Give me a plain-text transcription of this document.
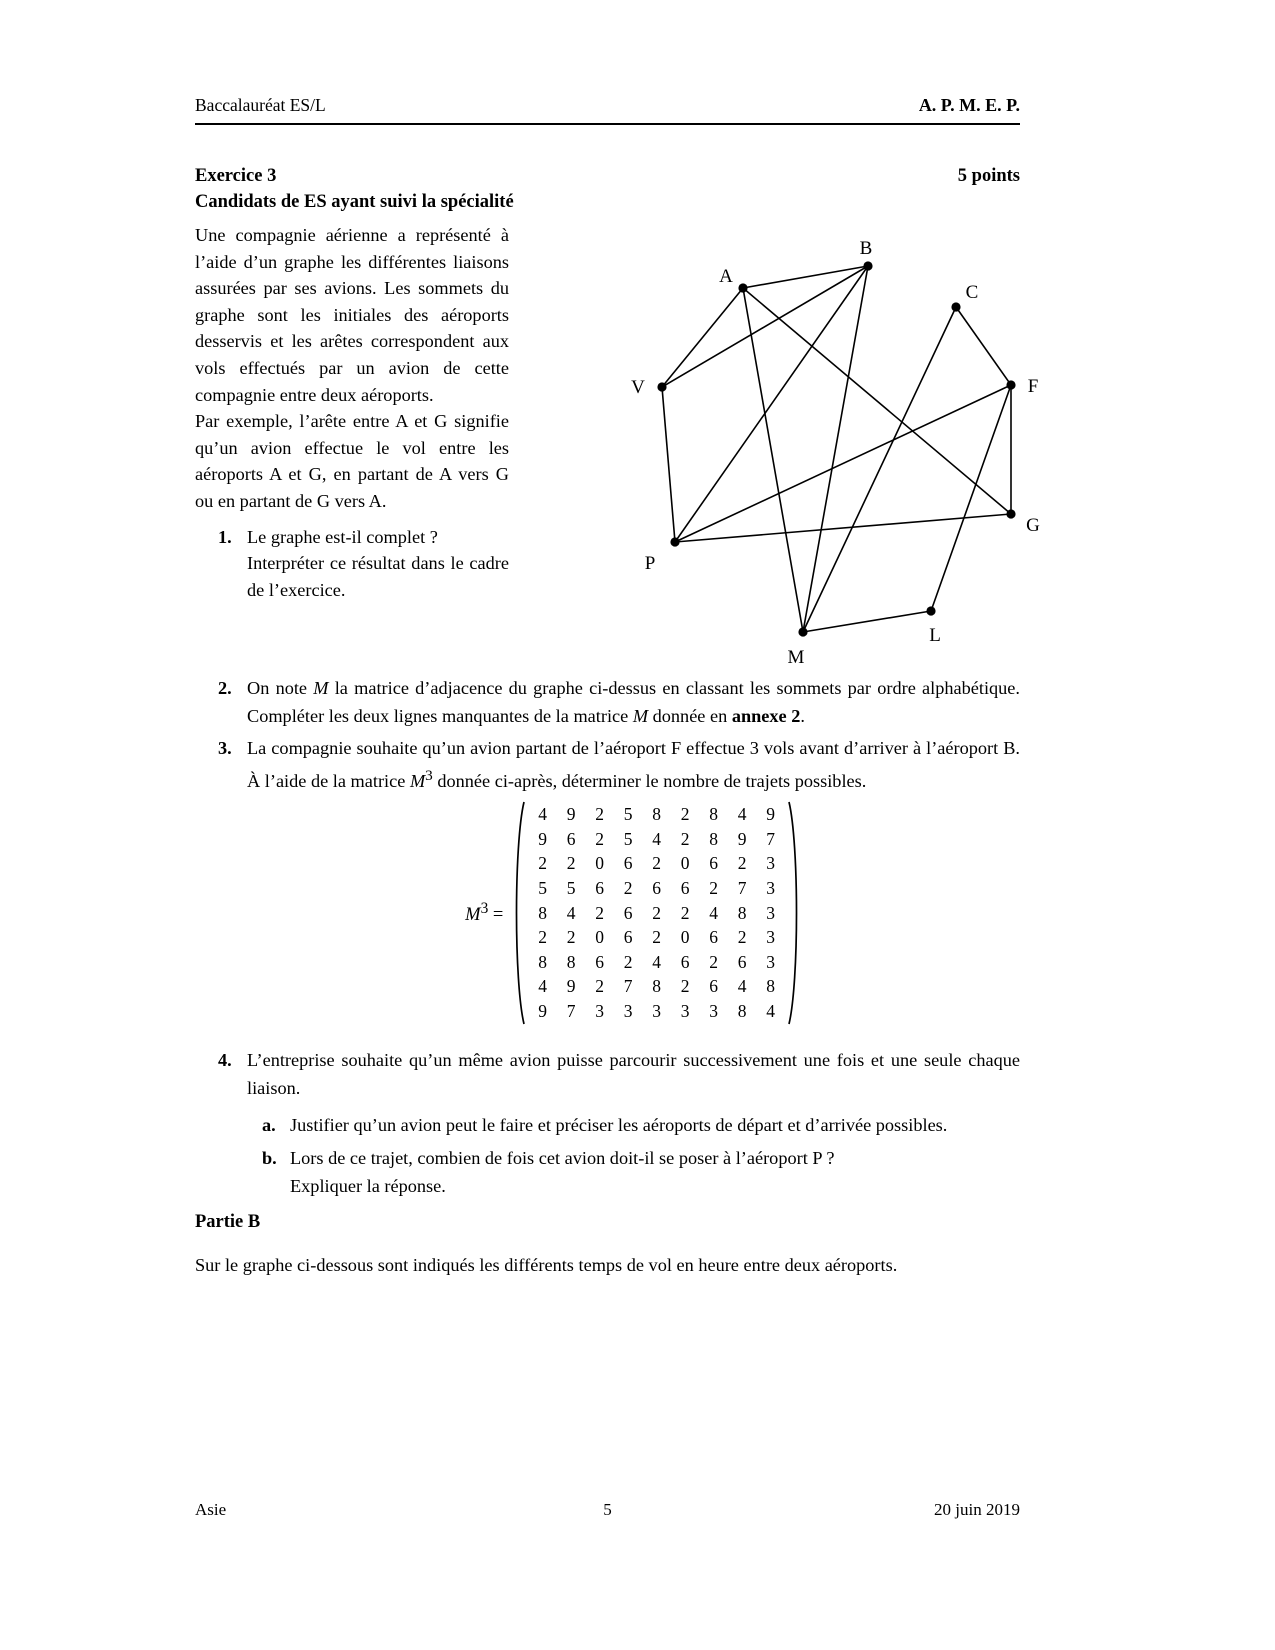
Baccalauréat ES/L	A. P. M. E. P.
Exercice 3	5 points
Candidats de ES ayant suivi la spécialité

Une compagnie aérienne a représenté à l’aide d’un graphe les différentes liaisons assurées par ses avions. Les sommets du graphe sont les initiales des aéroports desservis et les arêtes correspondent aux vols effectués par un avion de cette compagnie entre deux aéroports.

Par exemple, l’arête entre A et G signifie qu’un avion effectue le vol entre les aéroports A et G, en partant de A vers G ou en partant de G vers A.

1. Le graphe est-il complet ?
Interpréter ce résultat dans le cadre de l’exercice.
A
B
C
V	F
G
P
L
M
2. On note M la matrice d’adjacence du graphe ci-dessus en classant les sommets par ordre alphabétique. Compléter les deux lignes manquantes de la matrice M donnée en annexe 2.
3. La compagnie souhaite qu’un avion partant de l’aéroport F effectue 3 vols avant d’arriver à l’aéroport B. À l’aide de la matrice $M^3$ donnée ci-après, déterminer le nombre de trajets possibles.
$M^3$ =
4	9	2	5	8	2	8	4	9
9	6	2	5	4	2	8	9	7
2	2	0	6	2	0	6	2	3
5	5	6	2	6	6	2	7	3
8	4	2	6	2	2	4	8	3
2	2	0	6	2	0	6	2	3
8	8	6	2	4	6	2	6	3
4	9	2	7	8	2	6	4	8
9	7	3	3	3	3	3	8	4
4. L’entreprise souhaite qu’un même avion puisse parcourir successivement une fois et une seule chaque liaison.
a. Justifier qu’un avion peut le faire et préciser les aéroports de départ et d’arrivée possibles.
b. Lors de ce trajet, combien de fois cet avion doit-il se poser à l’aéroport P ?
Expliquer la réponse.
Partie B
Sur le graphe ci-dessous sont indiqués les différents temps de vol en heure entre deux aéroports.
Asie	5	20 juin 2019
